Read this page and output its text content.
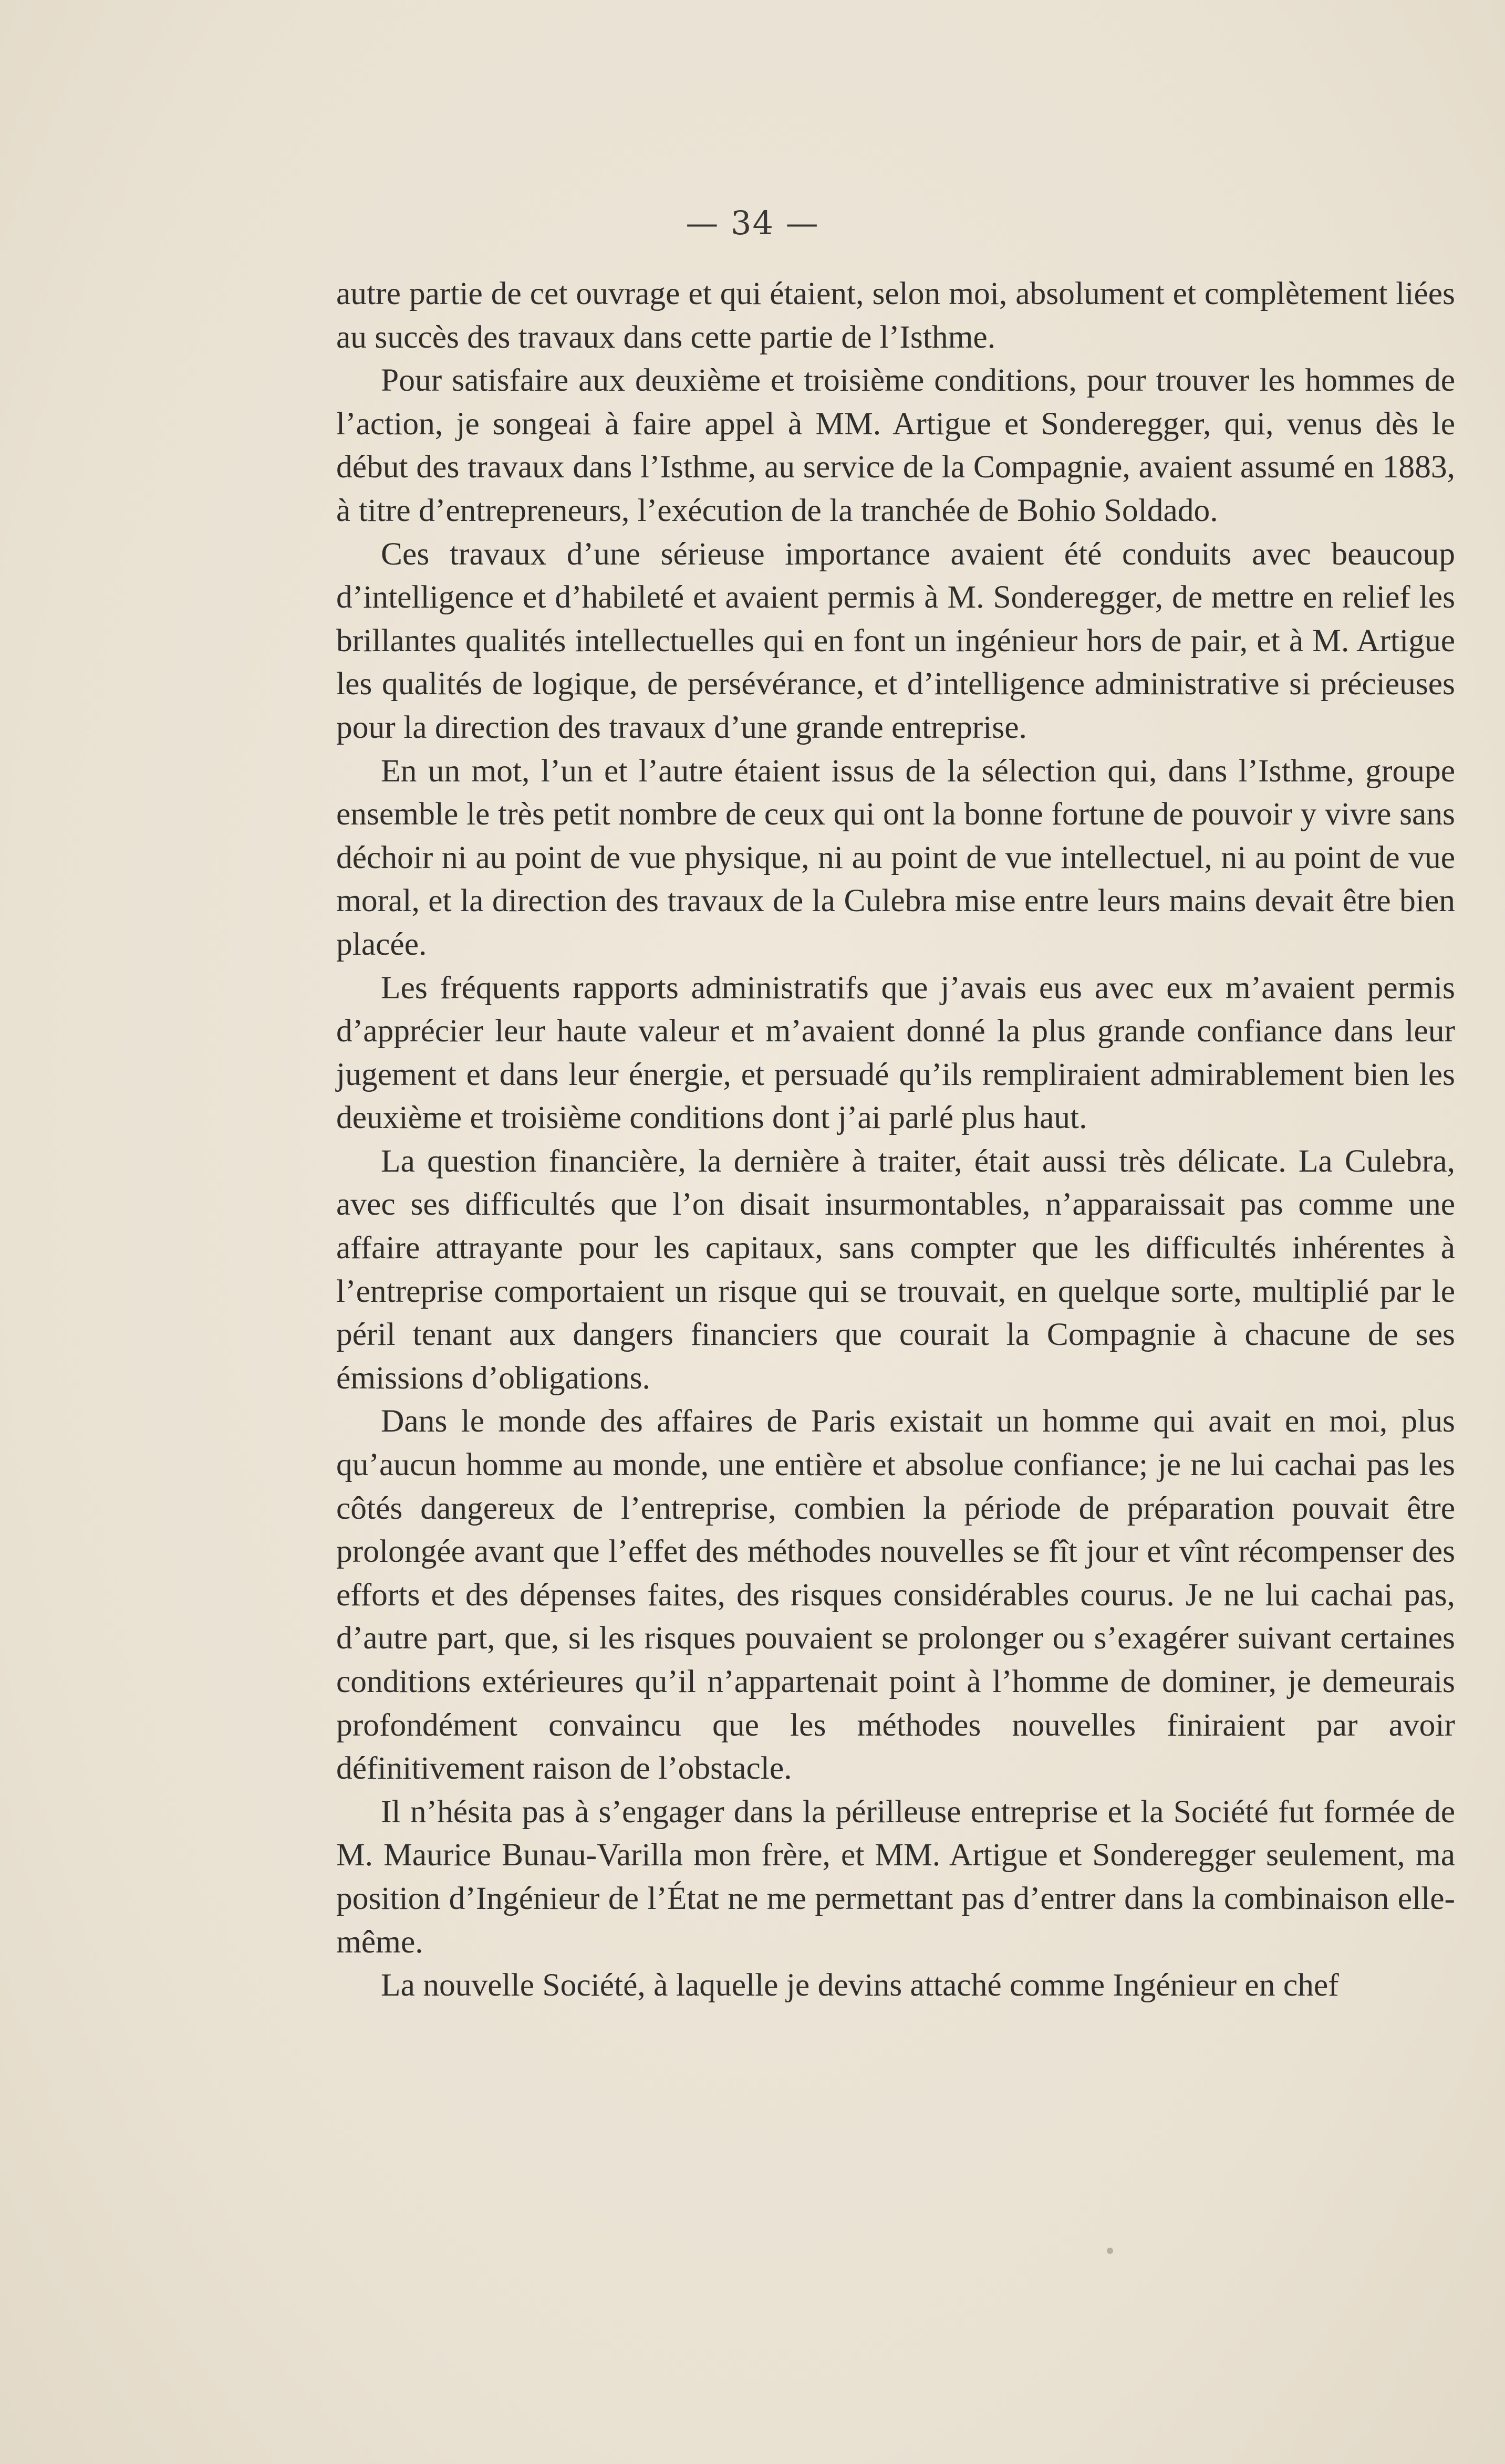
— 34 —

autre partie de cet ouvrage et qui étaient, selon moi, absolument et complètement liées au succès des travaux dans cette partie de l’Isthme.

Pour satisfaire aux deuxième et troisième conditions, pour trouver les hommes de l’action, je songeai à faire appel à MM. Artigue et Sonderegger, qui, venus dès le début des travaux dans l’Isthme, au service de la Compagnie, avaient assumé en 1883, à titre d’entrepreneurs, l’exécution de la tranchée de Bohio Soldado.

Ces travaux d’une sérieuse importance avaient été conduits avec beaucoup d’intelligence et d’habileté et avaient permis à M. Sonderegger, de mettre en relief les brillantes qualités intellectuelles qui en font un ingénieur hors de pair, et à M. Artigue les qualités de logique, de persévérance, et d’intelligence administrative si précieuses pour la direction des travaux d’une grande entreprise.

En un mot, l’un et l’autre étaient issus de la sélection qui, dans l’Isthme, groupe ensemble le très petit nombre de ceux qui ont la bonne fortune de pouvoir y vivre sans déchoir ni au point de vue physique, ni au point de vue intellectuel, ni au point de vue moral, et la direction des travaux de la Culebra mise entre leurs mains devait être bien placée.

Les fréquents rapports administratifs que j’avais eus avec eux m’avaient permis d’apprécier leur haute valeur et m’avaient donné la plus grande confiance dans leur jugement et dans leur énergie, et persuadé qu’ils rempliraient admirablement bien les deuxième et troisième conditions dont j’ai parlé plus haut.

La question financière, la dernière à traiter, était aussi très délicate. La Culebra, avec ses difficultés que l’on disait insurmontables, n’apparaissait pas comme une affaire attrayante pour les capitaux, sans compter que les difficultés inhérentes à l’entreprise comportaient un risque qui se trouvait, en quelque sorte, multiplié par le péril tenant aux dangers financiers que courait la Compagnie à chacune de ses émissions d’obligations.

Dans le monde des affaires de Paris existait un homme qui avait en moi, plus qu’aucun homme au monde, une entière et absolue confiance; je ne lui cachai pas les côtés dangereux de l’entreprise, combien la période de préparation pouvait être prolongée avant que l’effet des méthodes nouvelles se fît jour et vînt récompenser des efforts et des dépenses faites, des risques considérables courus. Je ne lui cachai pas, d’autre part, que, si les risques pouvaient se prolonger ou s’exagérer suivant certaines conditions extérieures qu’il n’appartenait point à l’homme de dominer, je demeurais profondément convaincu que les méthodes nouvelles finiraient par avoir définitivement raison de l’obstacle.

Il n’hésita pas à s’engager dans la périlleuse entreprise et la Société fut formée de M. Maurice Bunau-Varilla mon frère, et MM. Artigue et Sonderegger seulement, ma position d’Ingénieur de l’État ne me permettant pas d’entrer dans la combinaison elle-même.

La nouvelle Société, à laquelle je devins attaché comme Ingénieur en chef
